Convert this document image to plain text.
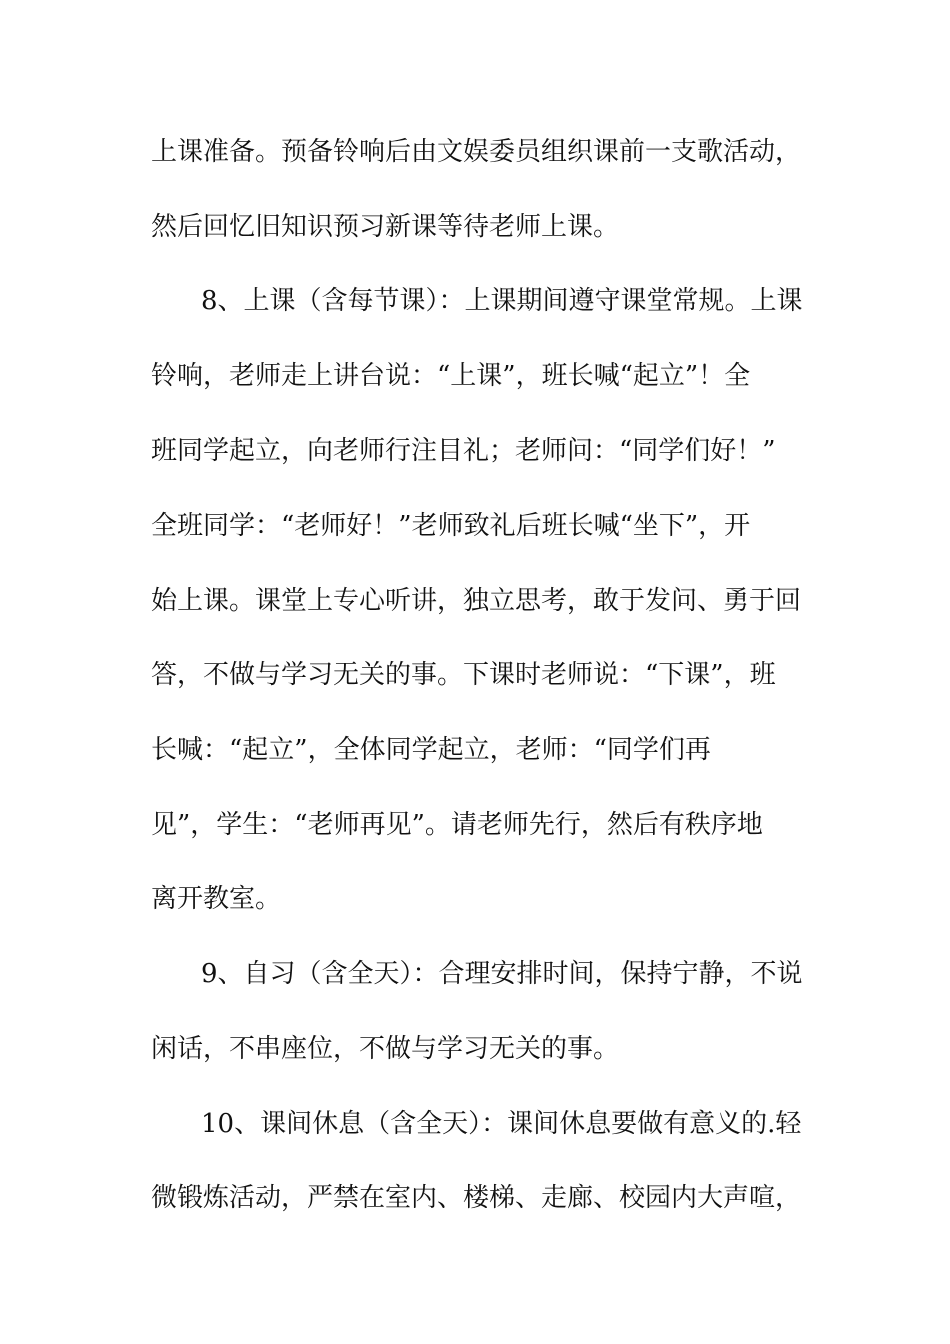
上课准备。预备铃响后由文娱委员组织课前一支歌活动，
然后回忆旧知识预习新课等待老师上课。
8、上课（含每节课）：上课期间遵守课堂常规。上课
铃响，老师走上讲台说：“上课”，班长喊“起立”！全
班同学起立，向老师行注目礼；老师问：“同学们好！”
全班同学：“老师好！”老师致礼后班长喊“坐下”，开
始上课。课堂上专心听讲，独立思考，敢于发问、勇于回
答，不做与学习无关的事。下课时老师说：“下课”，班
长喊：“起立”，全体同学起立，老师：“同学们再
见”，学生：“老师再见”。请老师先行，然后有秩序地
离开教室。
9、自习（含全天）：合理安排时间，保持宁静，不说
闲话，不串座位，不做与学习无关的事。
10、课间休息（含全天）：课间休息要做有意义的.轻
微锻炼活动，严禁在室内、楼梯、走廊、校园内大声喧，
